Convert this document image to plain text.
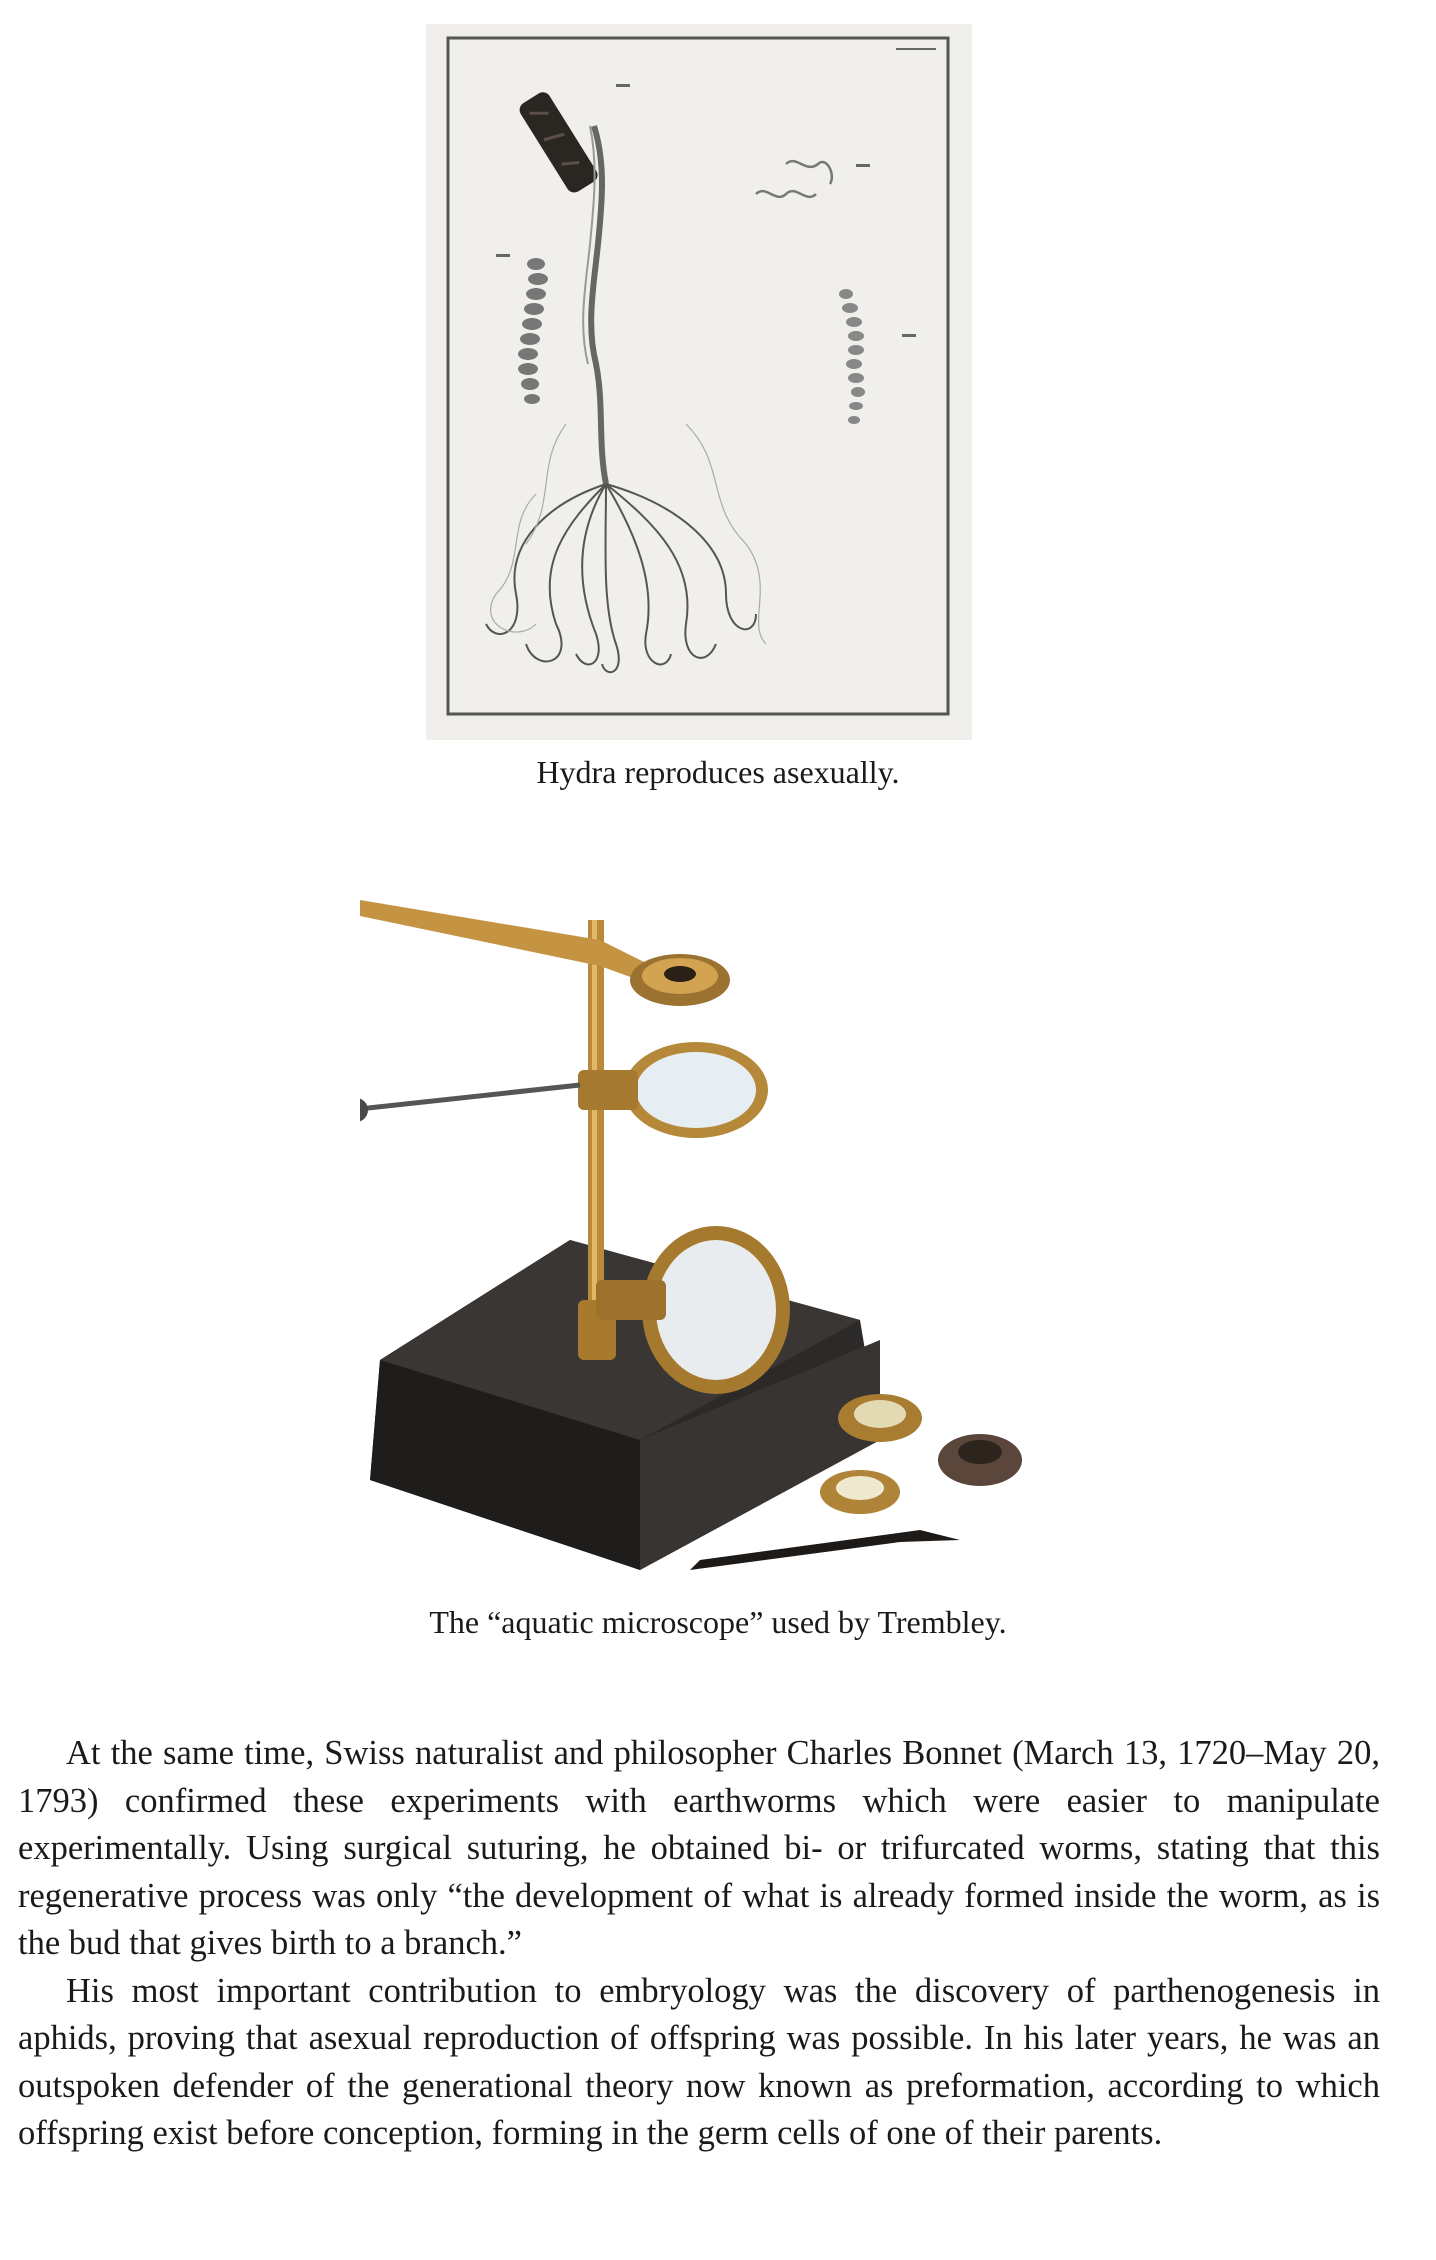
Hydra reproduces asexually.
The “aquatic microscope” used by Trembley.

At the same time, Swiss naturalist and philosopher Charles Bonnet (March 13, 1720–May 20, 1793) confirmed these experiments with earthworms which were easier to manipulate experimentally. Using surgical suturing, he obtained bi- or trifurcated worms, stating that this regenerative process was only “the development of what is already formed inside the worm, as is the bud that gives birth to a branch.”

His most important contribution to embryology was the discovery of parthenogenesis in aphids, proving that asexual reproduction of offspring was possible. In his later years, he was an outspoken defender of the generational theory now known as preformation, according to which offspring exist before conception, forming in the germ cells of one of their parents.
